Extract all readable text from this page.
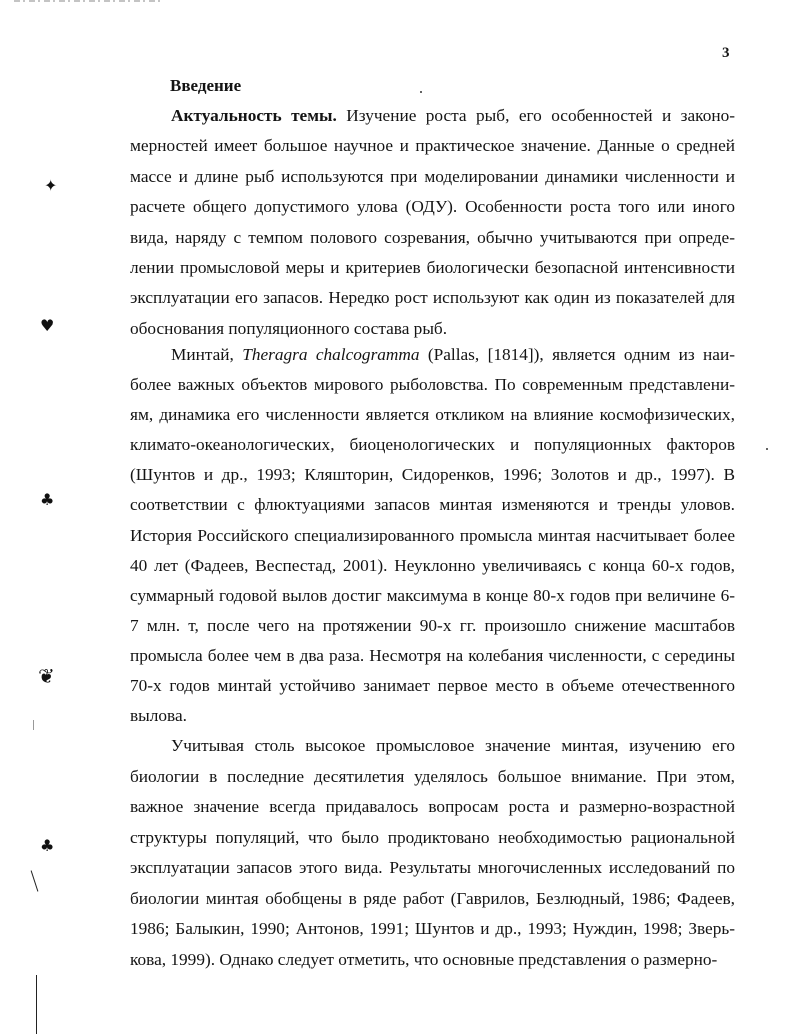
✦
♥
♣
❦
♣
3
Введение

Актуальность темы. Изучение роста рыб, его особенностей и закономерностей имеет большое научное и практическое значение. Данные о средней массе и длине рыб используются при моделировании динамики численности и расчете общего допустимого улова (ОДУ). Особенности роста того или иного вида, наряду с темпом полового созревания, обычно учитываются при определении промысловой меры и критериев биологически безопасной интенсивности эксплуатации его запасов. Нередко рост используют как один из показателей для обоснования популяционного состава рыб.

Минтай, Theragra chalcogramma (Pallas, [1814]), является одним из наиболее важных объектов мирового рыболовства. По современным представлениям, динамика его численности является откликом на влияние космофизических, климато-океанологических, биоценологических и популяционных факторов (Шунтов и др., 1993; Кляшторин, Сидоренков, 1996; Золотов и др., 1997). В соответствии с флюктуациями запасов минтая изменяются и тренды уловов. История Российского специализированного промысла минтая насчитывает более 40 лет (Фадеев, Веспестад, 2001). Неуклонно увеличиваясь с конца 60-х годов, суммарный годовой вылов достиг максимума в конце 80-х годов при величине 6-7 млн. т, после чего на протяжении 90-х гг. произошло снижение масштабов промысла более чем в два раза. Несмотря на колебания численности, с середины 70-х годов минтай устойчиво занимает первое место в объеме отечественного вылова.

Учитывая столь высокое промысловое значение минтая, изучению его биологии в последние десятилетия уделялось большое внимание. При этом, важное значение всегда придавалось вопросам роста и размерно-возрастной структуры популяций, что было продиктовано необходимостью рациональной эксплуатации запасов этого вида. Результаты многочисленных исследований по биологии минтая обобщены в ряде работ (Гаврилов, Безлюдный, 1986; Фадеев, 1986; Балыкин, 1990; Антонов, 1991; Шунтов и др., 1993; Нуждин, 1998; Зверькова, 1999). Однако следует отметить, что основные представления о размерно-
